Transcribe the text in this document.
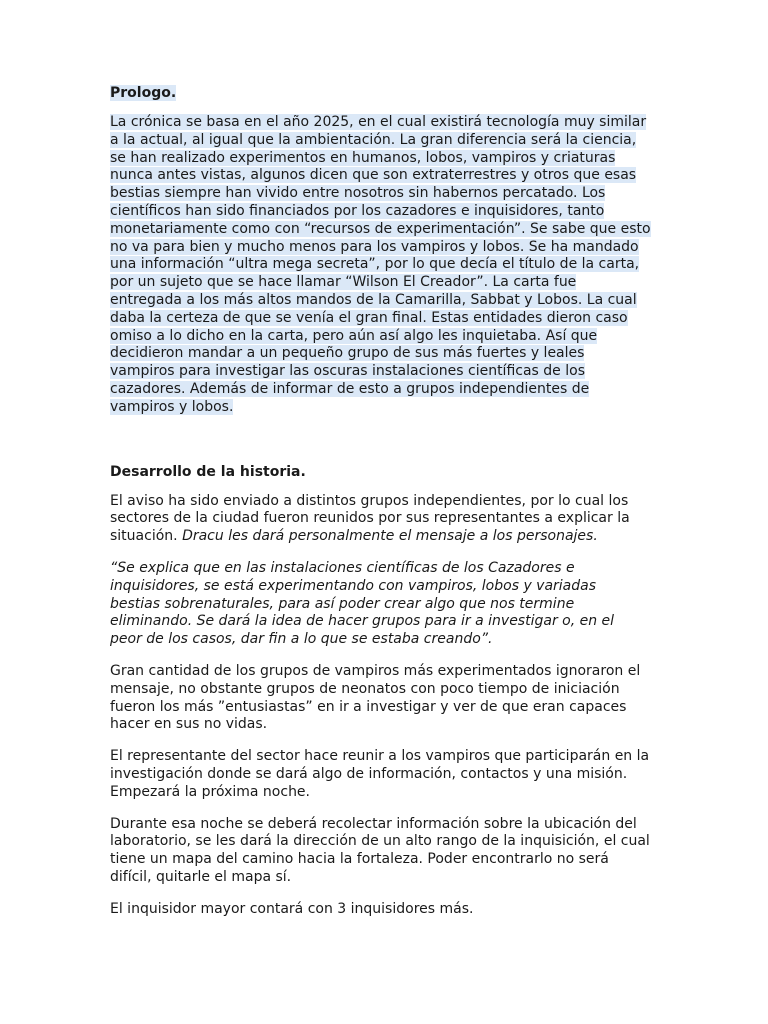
Prologo.
La crónica se basa en el año 2025, en el cual existirá tecnología muy similar
a la actual, al igual que la ambientación. La gran diferencia será la ciencia,
se han realizado experimentos en humanos, lobos, vampiros y criaturas
nunca antes vistas, algunos dicen que son extraterrestres y otros que esas
bestias siempre han vivido entre nosotros sin habernos percatado. Los
científicos han sido financiados por los cazadores e inquisidores, tanto
monetariamente como con “recursos de experimentación”. Se sabe que esto
no va para bien y mucho menos para los vampiros y lobos. Se ha mandado
una información “ultra mega secreta”, por lo que decía el título de la carta,
por un sujeto que se hace llamar “Wilson El Creador”. La carta fue
entregada a los más altos mandos de la Camarilla, Sabbat y Lobos. La cual
daba la certeza de que se venía el gran final. Estas entidades dieron caso
omiso a lo dicho en la carta, pero aún así algo les inquietaba. Así que
decidieron mandar a un pequeño grupo de sus más fuertes y leales
vampiros para investigar las oscuras instalaciones científicas de los
cazadores. Además de informar de esto a grupos independientes de
vampiros y lobos.
Desarrollo de la historia.
El aviso ha sido enviado a distintos grupos independientes, por lo cual los
sectores de la ciudad fueron reunidos por sus representantes a explicar la
situación. Dracu les dará personalmente el mensaje a los personajes.
“Se explica que en las instalaciones científicas de los Cazadores e
inquisidores, se está experimentando con vampiros, lobos y variadas
bestias sobrenaturales, para así poder crear algo que nos termine
eliminando. Se dará la idea de hacer grupos para ir a investigar o, en el
peor de los casos, dar fin a lo que se estaba creando”.
Gran cantidad de los grupos de vampiros más experimentados ignoraron el
mensaje, no obstante grupos de neonatos con poco tiempo de iniciación
fueron los más ”entusiastas” en ir a investigar y ver de que eran capaces
hacer en sus no vidas.
El representante del sector hace reunir a los vampiros que participarán en la
investigación donde se dará algo de información, contactos y una misión.
Empezará la próxima noche.
Durante esa noche se deberá recolectar información sobre la ubicación del
laboratorio, se les dará la dirección de un alto rango de la inquisición, el cual
tiene un mapa del camino hacia la fortaleza. Poder encontrarlo no será
difícil, quitarle el mapa sí.
El inquisidor mayor contará con 3 inquisidores más.
